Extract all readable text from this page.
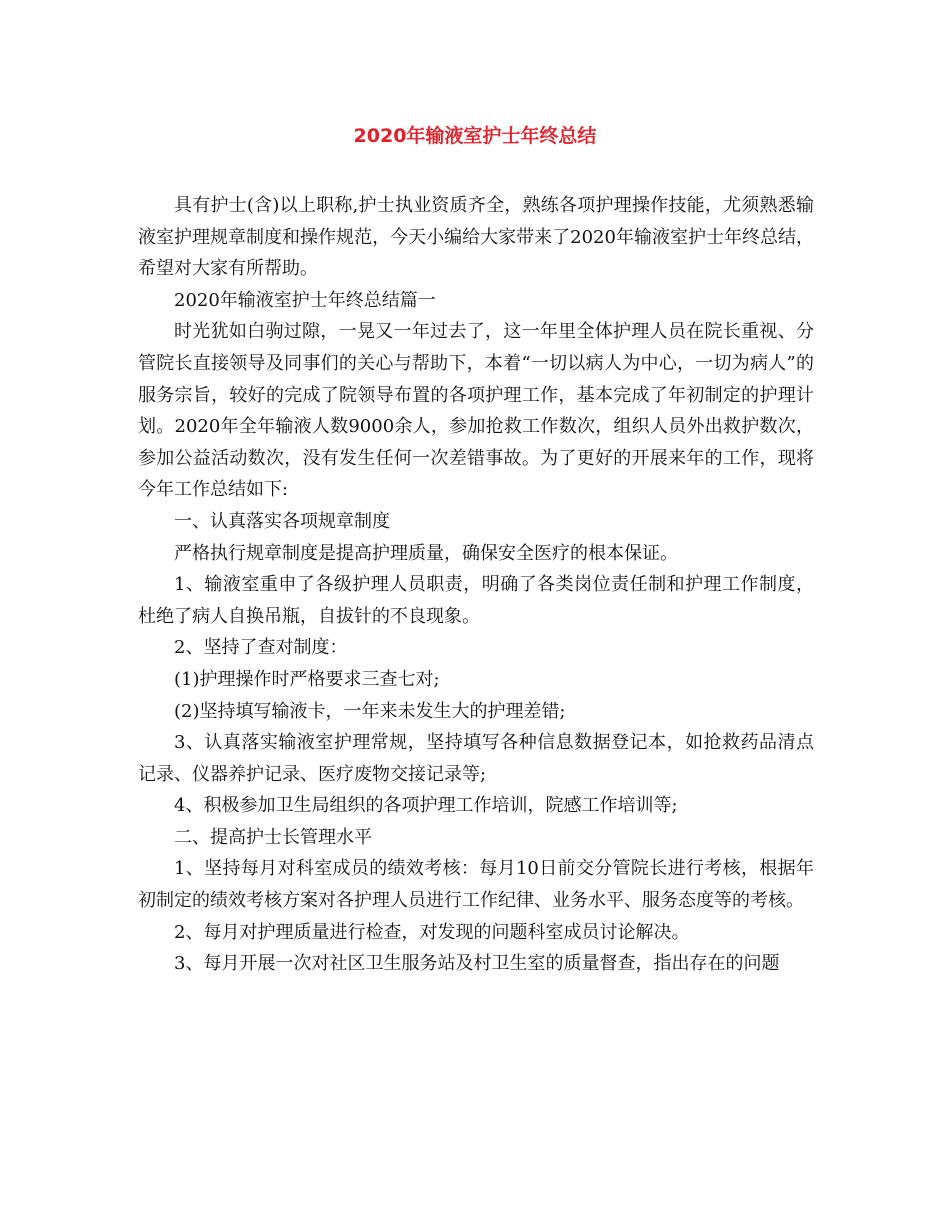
2020年输液室护士年终总结

具有护士(含)以上职称,护士执业资质齐全，熟练各项护理操作技能，尤须熟悉输液室护理规章制度和操作规范，今天小编给大家带来了2020年输液室护士年终总结，希望对大家有所帮助。

2020年输液室护士年终总结篇一

时光犹如白驹过隙，一晃又一年过去了，这一年里全体护理人员在院长重视、分管院长直接领导及同事们的关心与帮助下，本着“一切以病人为中心，一切为病人”的服务宗旨，较好的完成了院领导布置的各项护理工作，基本完成了年初制定的护理计划。2020年全年输液人数9000余人，参加抢救工作数次，组织人员外出救护数次，参加公益活动数次，没有发生任何一次差错事故。为了更好的开展来年的工作，现将今年工作总结如下:

一、认真落实各项规章制度

严格执行规章制度是提高护理质量，确保安全医疗的根本保证。

1、输液室重申了各级护理人员职责，明确了各类岗位责任制和护理工作制度，杜绝了病人自换吊瓶，自拔针的不良现象。

2、坚持了查对制度：

(1)护理操作时严格要求三查七对;

(2)坚持填写输液卡，一年来未发生大的护理差错;

3、认真落实输液室护理常规，坚持填写各种信息数据登记本，如抢救药品清点记录、仪器养护记录、医疗废物交接记录等;

4、积极参加卫生局组织的各项护理工作培训，院感工作培训等;

二、提高护士长管理水平

1、坚持每月对科室成员的绩效考核：每月10日前交分管院长进行考核，根据年初制定的绩效考核方案对各护理人员进行工作纪律、业务水平、服务态度等的考核。

2、每月对护理质量进行检查，对发现的问题科室成员讨论解决。

3、每月开展一次对社区卫生服务站及村卫生室的质量督查，指出存在的问题
